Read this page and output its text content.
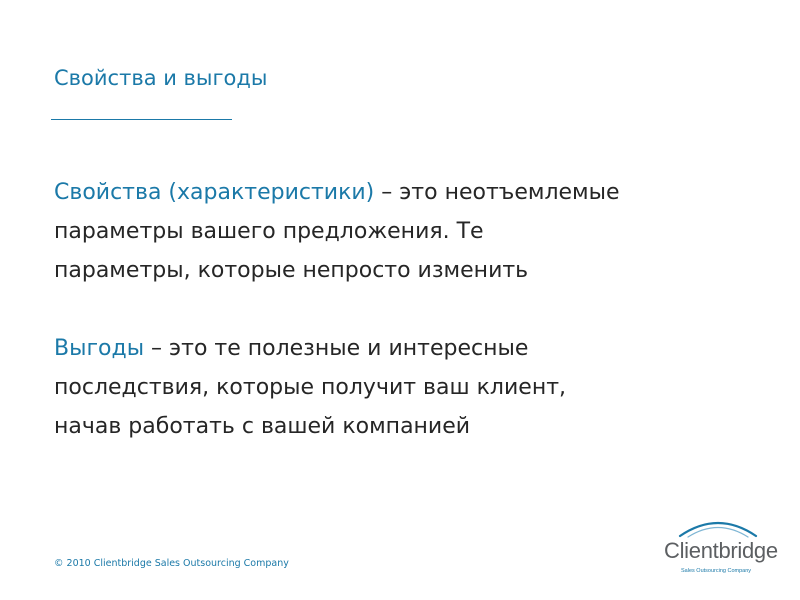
Свойства и выгоды
Свойства (характеристики) – это неотъемлемые
параметры вашего предложения. Те
параметры, которые непросто изменить
Выгоды – это те полезные и интересные
последствия, которые получит ваш клиент,
начав работать с вашей компанией
© 2010 Clientbridge Sales Outsourcing Company
Clientbridge
Sales Outsourcing Company
